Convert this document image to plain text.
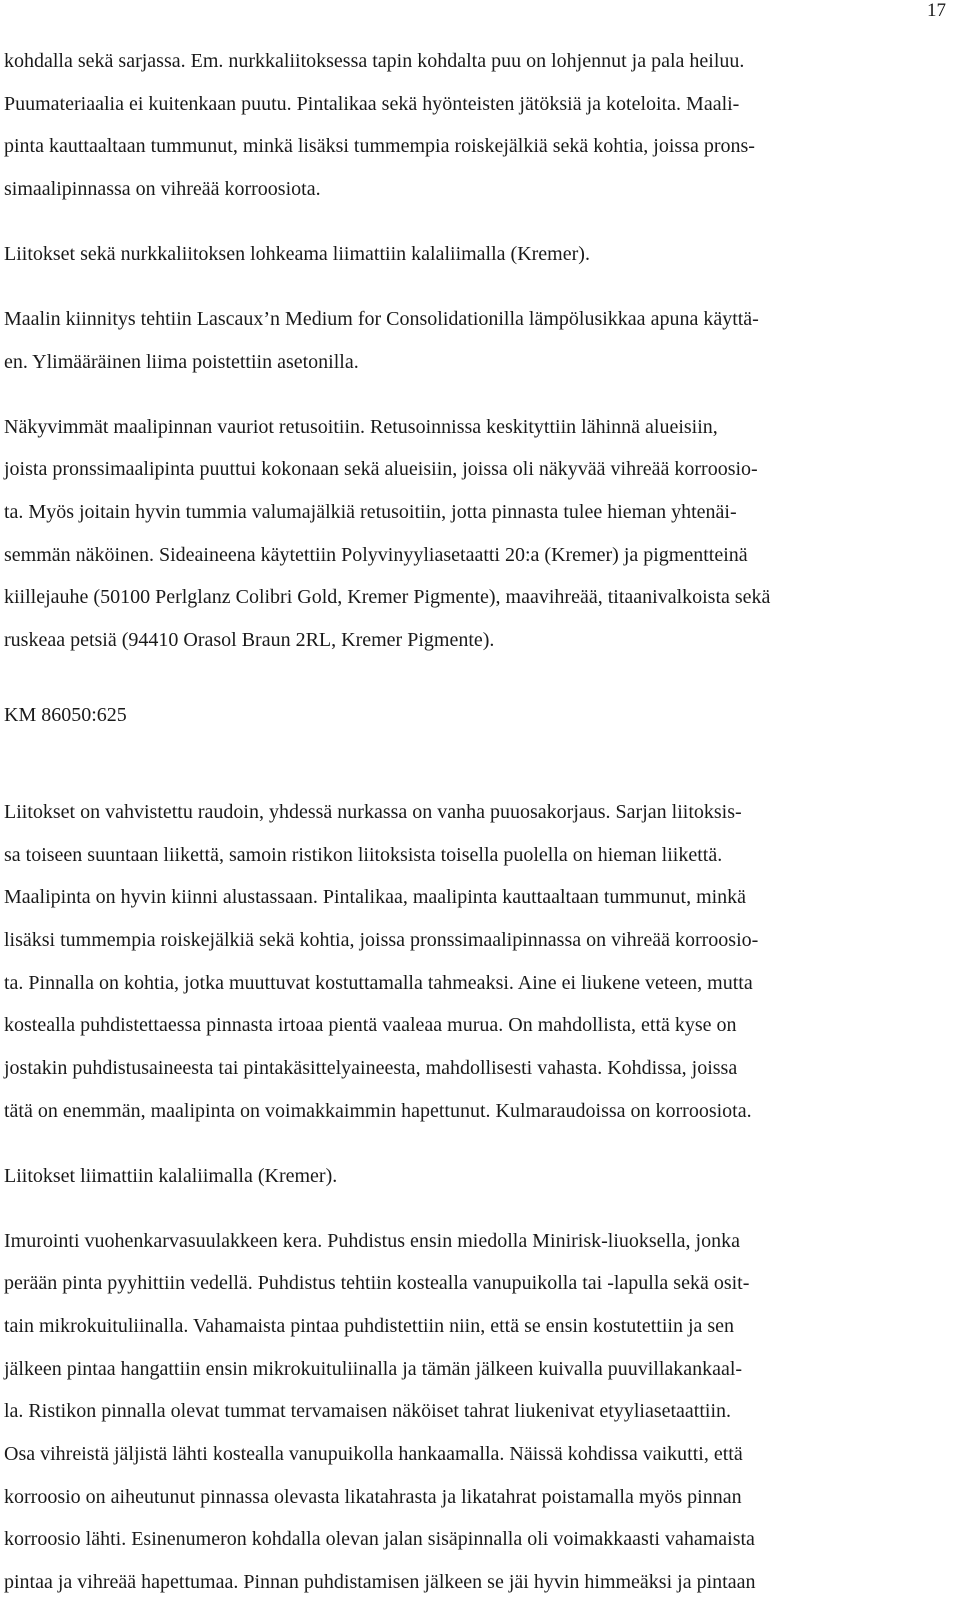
17
kohdalla sekä sarjassa. Em. nurkkaliitoksessa tapin kohdalta puu on lohjennut ja pala heiluu.
Puumateriaalia ei kuitenkaan puutu. Pintalikaa sekä hyönteisten jätöksiä ja koteloita. Maali-
pinta kauttaaltaan tummunut, minkä lisäksi tummempia roiskejälkiä sekä kohtia, joissa prons-
simaalipinnassa on vihreää korroosiota.
Liitokset sekä nurkkaliitoksen lohkeama liimattiin kalaliimalla (Kremer).
Maalin kiinnitys tehtiin Lascaux’n Medium for Consolidationilla lämpölusikkaa apuna käyttä-
en. Ylimääräinen liima poistettiin asetonilla.
Näkyvimmät maalipinnan vauriot retusoitiin. Retusoinnissa keskityttiin lähinnä alueisiin,
joista pronssimaalipinta puuttui kokonaan sekä alueisiin, joissa oli näkyvää vihreää korroosio-
ta. Myös joitain hyvin tummia valumajälkiä retusoitiin, jotta pinnasta tulee hieman yhtenäi-
semmän näköinen. Sideaineena käytettiin Polyvinyyliasetaatti 20:a (Kremer) ja pigmentteinä
kiillejauhe (50100 Perlglanz Colibri Gold, Kremer Pigmente), maavihreää, titaanivalkoista sekä
ruskeaa petsiä (94410 Orasol Braun 2RL, Kremer Pigmente).
KM 86050:625
Liitokset on vahvistettu raudoin, yhdessä nurkassa on vanha puuosakorjaus. Sarjan liitoksis-
sa toiseen suuntaan liikettä, samoin ristikon liitoksista toisella puolella on hieman liikettä.
Maalipinta on hyvin kiinni alustassaan. Pintalikaa, maalipinta kauttaaltaan tummunut, minkä
lisäksi tummempia roiskejälkiä sekä kohtia, joissa pronssimaalipinnassa on vihreää korroosio-
ta. Pinnalla on kohtia, jotka muuttuvat kostuttamalla tahmeaksi. Aine ei liukene veteen, mutta
kostealla puhdistettaessa pinnasta irtoaa pientä vaaleaa murua. On mahdollista, että kyse on
jostakin puhdistusaineesta tai pintakäsittelyaineesta, mahdollisesti vahasta. Kohdissa, joissa
tätä on enemmän, maalipinta on voimakkaimmin hapettunut. Kulmaraudoissa on korroosiota.
Liitokset liimattiin kalaliimalla (Kremer).
Imurointi vuohenkarvasuulakkeen kera. Puhdistus ensin miedolla Minirisk-liuoksella, jonka
perään pinta pyyhittiin vedellä. Puhdistus tehtiin kostealla vanupuikolla tai -lapulla sekä osit-
tain mikrokuituliinalla. Vahamaista pintaa puhdistettiin niin, että se ensin kostutettiin ja sen
jälkeen pintaa hangattiin ensin mikrokuituliinalla ja tämän jälkeen kuivalla puuvillakankaal-
la. Ristikon pinnalla olevat tummat tervamaisen näköiset tahrat liukenivat etyyliasetaattiin.
Osa vihreistä jäljistä lähti kostealla vanupuikolla hankaamalla. Näissä kohdissa vaikutti, että
korroosio on aiheutunut pinnassa olevasta likatahrasta ja likatahrat poistamalla myös pinnan
korroosio lähti. Esinenumeron kohdalla olevan jalan sisäpinnalla oli voimakkaasti vahamaista
pintaa ja vihreää hapettumaa. Pinnan puhdistamisen jälkeen se jäi hyvin himmeäksi ja pintaan
